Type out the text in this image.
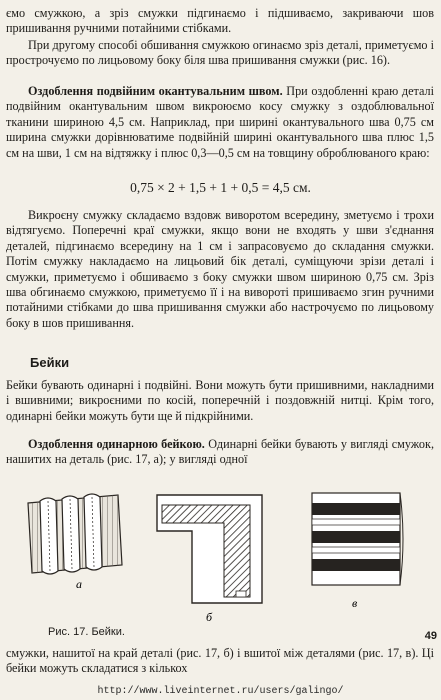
ємо смужкою, а зріз смужки підгинаємо і підшиваємо, закриваючи шов пришивання ручними потайними стібками.

При другому способі обшивання смужкою огинаємо зріз деталі, приметуємо і прострочуємо по лицьовому боку біля шва пришивання смужки (рис. 16).

Оздоблення подвійним окантувальним швом. При оздобленні краю деталі подвійним окантувальним швом викроюємо косу смужку з оздоблювальної тканини шириною 4,5 см. Наприклад, при ширині окантувального шва 0,75 см ширина смужки дорівнюватиме подвійній ширині окантувального шва плюс 1,5 см на шви, 1 см на відтяжку і плюс 0,3—0,5 см на товщину оброблюваного краю:

0,75 × 2 + 1,5 + 1 + 0,5 = 4,5 см.

Викроєну смужку складаємо вздовж виворотом всередину, зметуємо і трохи відтягуємо. Поперечні краї смужки, якщо вони не входять у шви з'єднання деталей, підгинаємо всередину на 1 см і запрасовуємо до складання смужки. Потім смужку накладаємо на лицьовий бік деталі, суміщуючи зрізи деталі і смужки, приметуємо і обшиваємо з боку смужки швом шириною 0,75 см. Зріз шва обгинаємо смужкою, приметуємо її і на вивороті пришиваємо згин ручними потайними стібками до шва пришивання смужки або настрочуємо по лицьовому боку в шов пришивання.

Бейки

Бейки бувають одинарні і подвійні. Вони можуть бути пришивними, накладними і вшивними; викроєними по косій, поперечній і поздовжній нитці. Крім того, одинарні бейки можуть бути ще й підкрійними.

Оздоблення одинарною бейкою. Одинарні бейки бувають у вигляді смужок, нашитих на деталь (рис. 17, а); у вигляді одної

а
б
в
Рис. 17. Бейки.	49

смужки, нашитої на край деталі (рис. 17, б) і вшитої між деталями (рис. 17, в). Ці бейки можуть складатися з кількох

http://www.liveinternet.ru/users/galingo/
